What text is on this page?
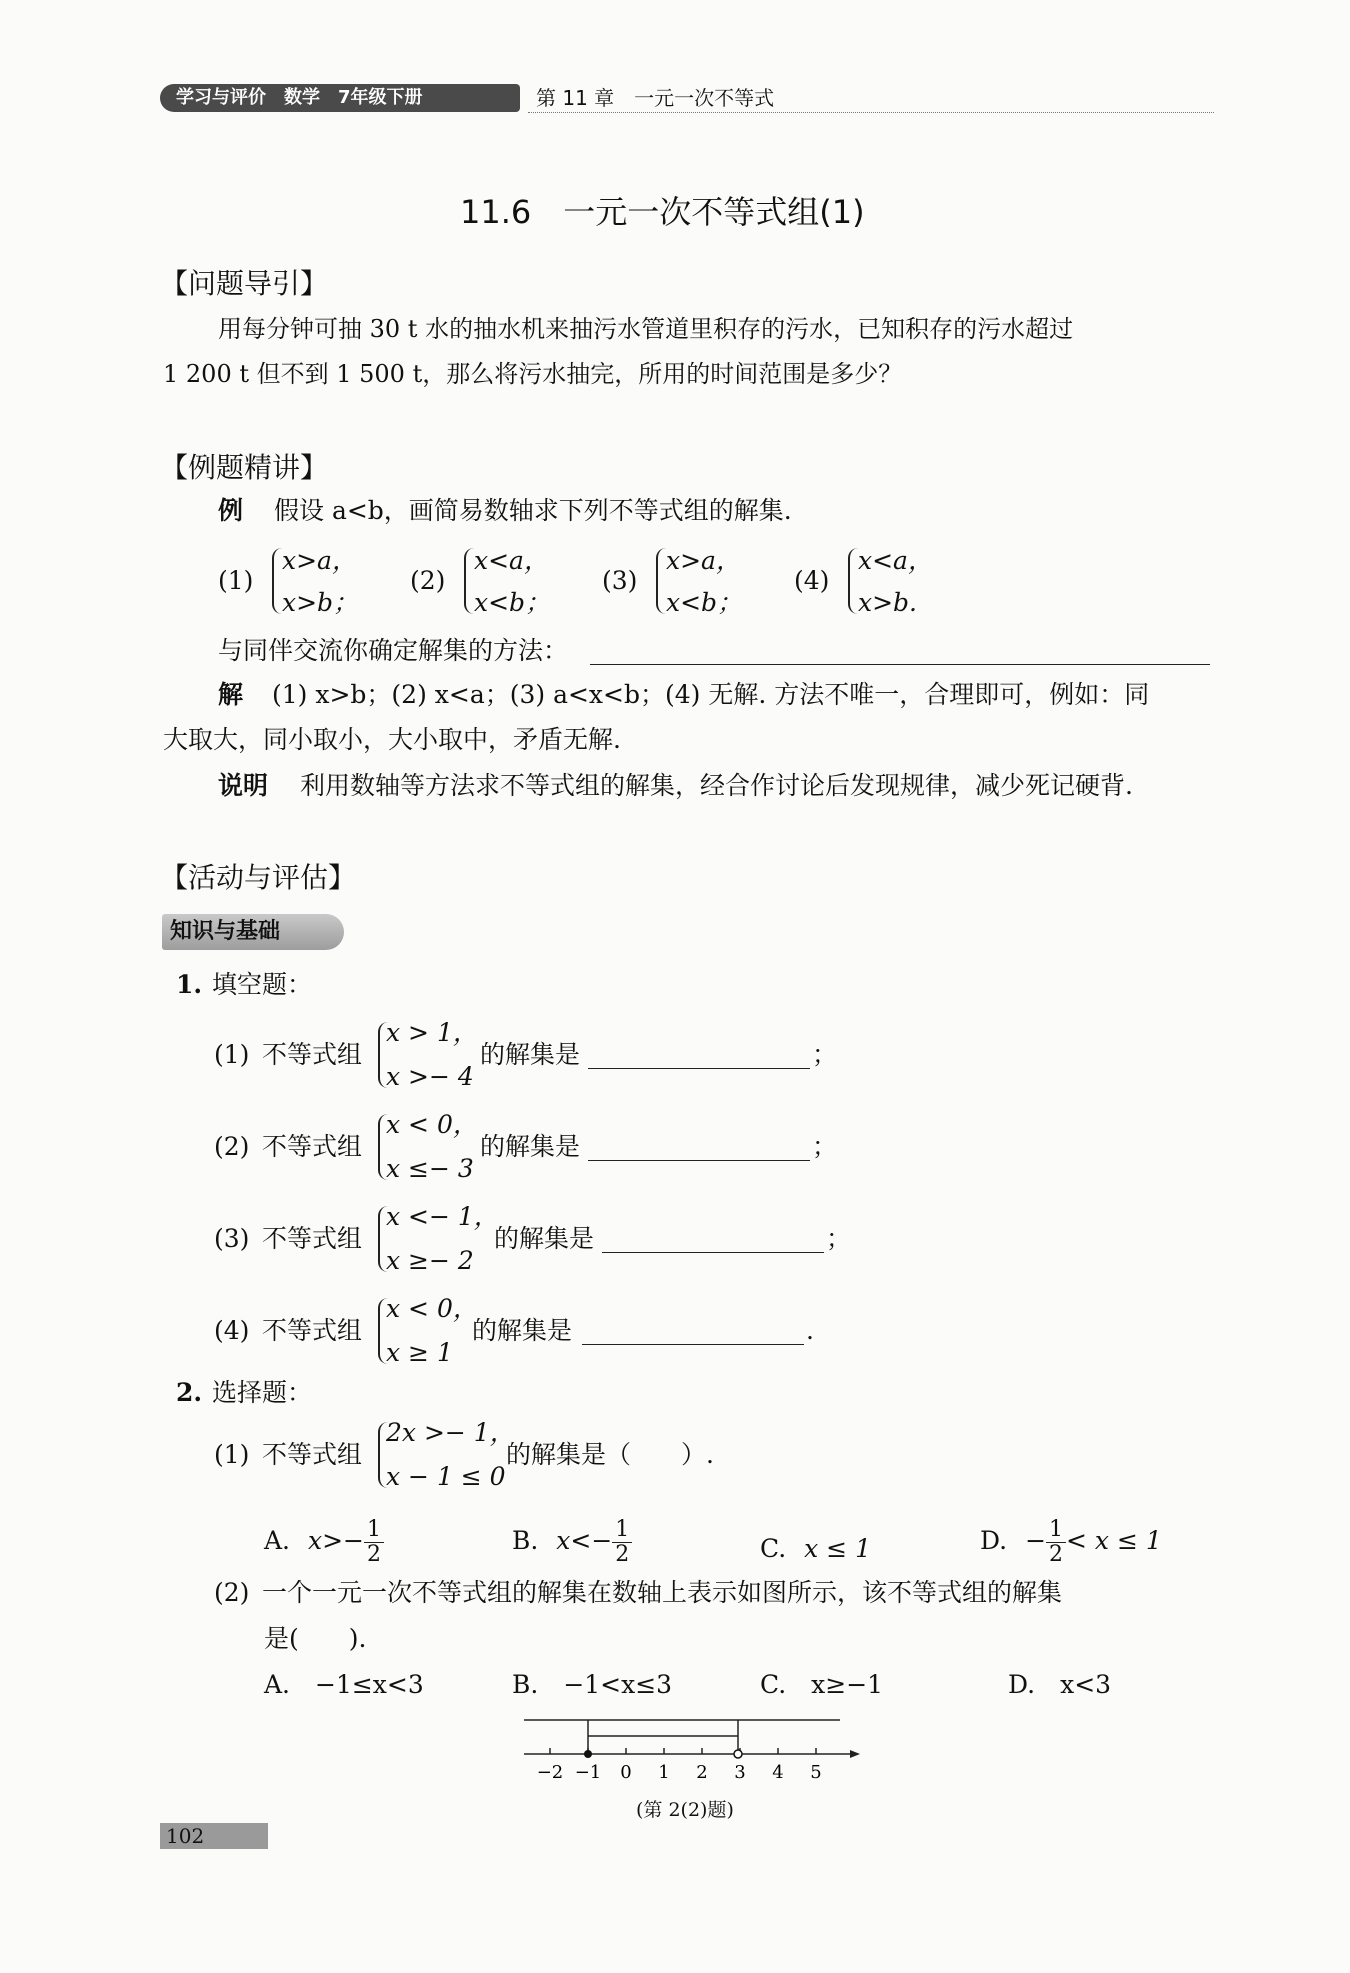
学习与评价　数学　7年级下册	第 11 章　一元一次不等式
11.6　一元一次不等式组(1)
【问题导引】
用每分钟可抽 30 t 水的抽水机来抽污水管道里积存的污水，已知积存的污水超过
1 200 t 但不到 1 500 t，那么将污水抽完，所用的时间范围是多少？
【例题精讲】
例 假设 a<b，画简易数轴求下列不等式组的解集.
(1)
x>a，
x>b；
(2)
x<a，
x<b；
(3)
x>a，
x<b；
(4)
x<a，
x>b.
与同伴交流你确定解集的方法：
解 (1) x>b；(2) x<a；(3) a<x<b；(4) 无解. 方法不唯一，合理即可，例如：同
大取大，同小取小，大小取中，矛盾无解.
说明 利用数轴等方法求不等式组的解集，经合作讨论后发现规律，减少死记硬背.
【活动与评估】
知识与基础
1. 填空题：
(1) 不等式组
x > 1，
x >− 4
的解集是	；
(2) 不等式组
x < 0，
x ≤− 3
的解集是	；
(3) 不等式组
x <− 1，
x ≥− 2
的解集是	；
(4) 不等式组
x < 0，
x ≥ 1
的解集是	.
2. 选择题：
(1) 不等式组
2x >− 1，
x − 1 ≤ 0
的解集是（　　）.
A. $x>- \frac{1}{2}$	B. $x<- \frac{1}{2}$	C. x ≤ 1	D. − $\frac{1}{2} < x \le 1$
(2) 一个一元一次不等式组的解集在数轴上表示如图所示，该不等式组的解集
是(　　).
A.　−1≤x<3	B.　−1<x≤3	C.　x≥−1	D.　x<3
−2 −1 0 1 2 3 4 5
(第 2(2)题)
102
